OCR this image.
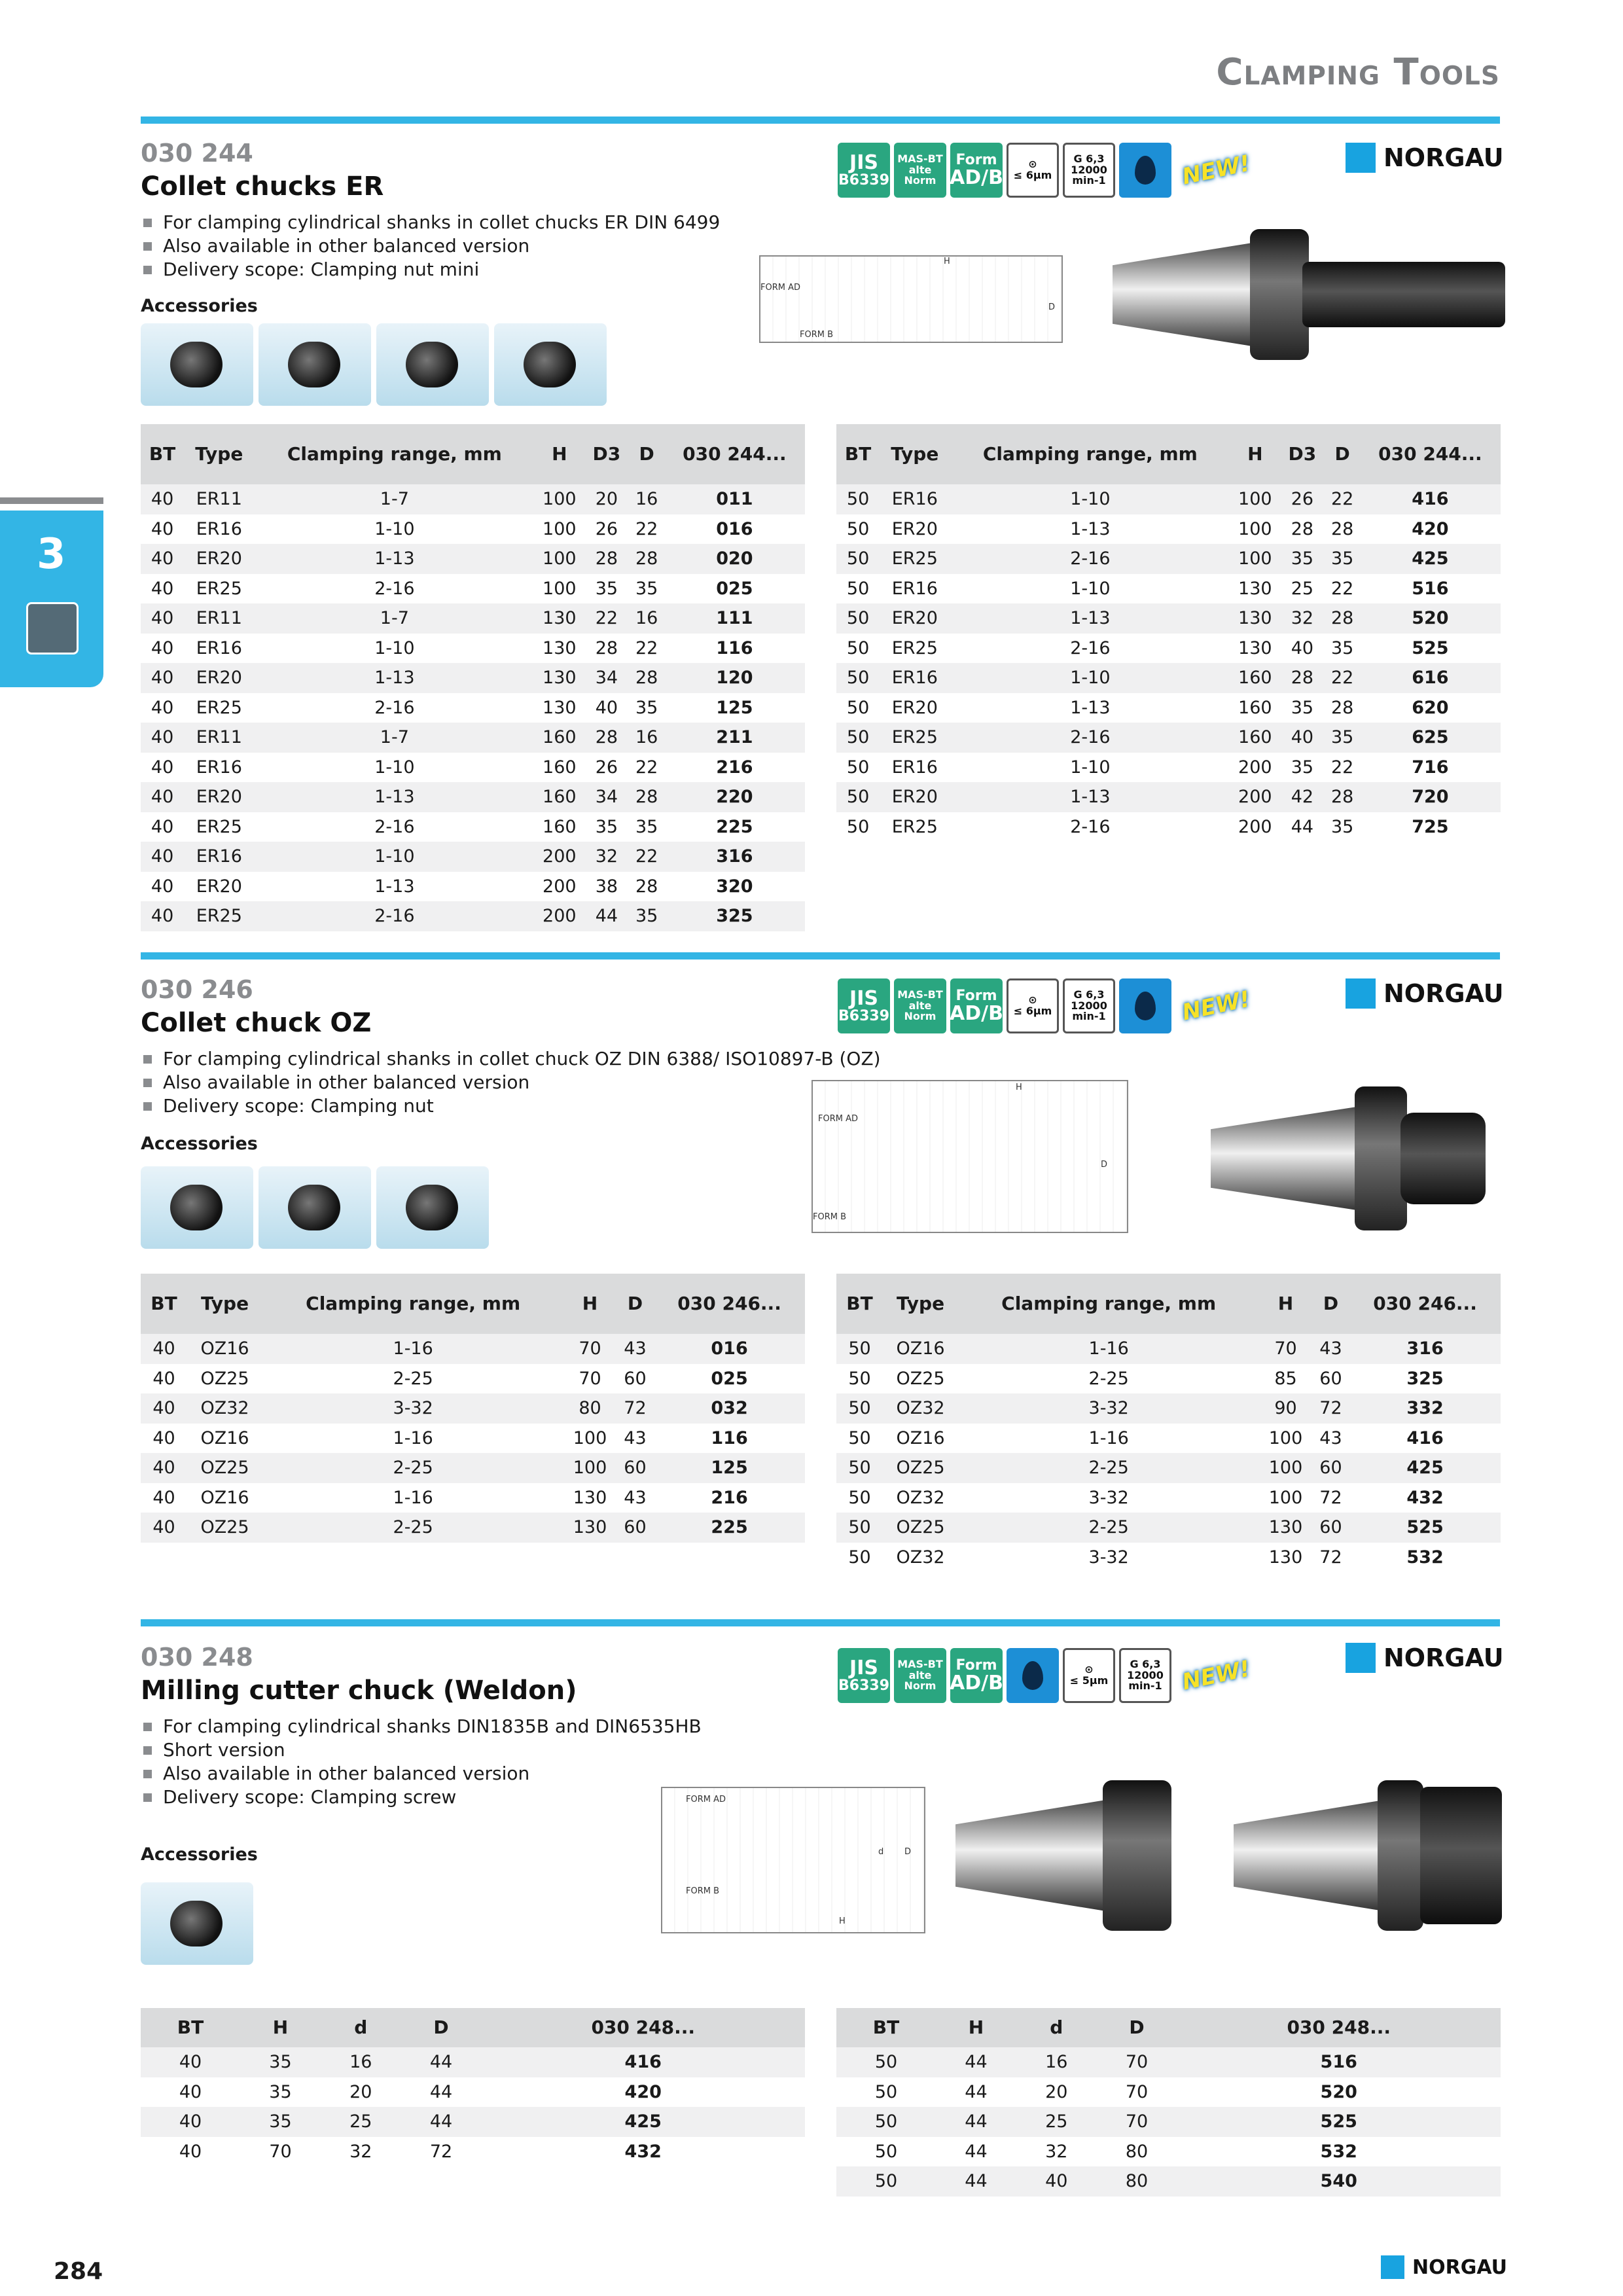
Clamping Tools
3
030 244
Collet chucks ER
For clamping cylindrical shanks in collet chucks ER DIN 6499
Also available in other balanced version
Delivery scope: Clamping nut mini
Accessories
JIS
B6339
MAS-BT
alte Norm
Form
AD/B
⊙
≤ 6µm
G 6,3
12000
min-1	NEW!	NORGAU
FORM AD
FORM B
H
D
BT	Type	Clamping range, mm	H	D3	D	030 244...
40	ER11	1-7	100	20	16	011
40	ER16	1-10	100	26	22	016
40	ER20	1-13	100	28	28	020
40	ER25	2-16	100	35	35	025
40	ER11	1-7	130	22	16	111
40	ER16	1-10	130	28	22	116
40	ER20	1-13	130	34	28	120
40	ER25	2-16	130	40	35	125
40	ER11	1-7	160	28	16	211
40	ER16	1-10	160	26	22	216
40	ER20	1-13	160	34	28	220
40	ER25	2-16	160	35	35	225
40	ER16	1-10	200	32	22	316
40	ER20	1-13	200	38	28	320
40	ER25	2-16	200	44	35	325
BT	Type	Clamping range, mm	H	D3	D	030 244...
50	ER16	1-10	100	26	22	416
50	ER20	1-13	100	28	28	420
50	ER25	2-16	100	35	35	425
50	ER16	1-10	130	25	22	516
50	ER20	1-13	130	32	28	520
50	ER25	2-16	130	40	35	525
50	ER16	1-10	160	28	22	616
50	ER20	1-13	160	35	28	620
50	ER25	2-16	160	40	35	625
50	ER16	1-10	200	35	22	716
50	ER20	1-13	200	42	28	720
50	ER25	2-16	200	44	35	725
030 246
Collet chuck OZ
For clamping cylindrical shanks in collet chuck OZ DIN 6388/ ISO10897-B (OZ)
Also available in other balanced version
Delivery scope: Clamping nut
Accessories
JIS
B6339
MAS-BT
alte Norm
Form
AD/B
⊙
≤ 6µm
G 6,3
12000
min-1	NEW!	NORGAU
FORM AD
FORM B
H
D
BT	Type	Clamping range, mm	H	D	030 246...
40	OZ16	1-16	70	43	016
40	OZ25	2-25	70	60	025
40	OZ32	3-32	80	72	032
40	OZ16	1-16	100	43	116
40	OZ25	2-25	100	60	125
40	OZ16	1-16	130	43	216
40	OZ25	2-25	130	60	225
BT	Type	Clamping range, mm	H	D	030 246...
50	OZ16	1-16	70	43	316
50	OZ25	2-25	85	60	325
50	OZ32	3-32	90	72	332
50	OZ16	1-16	100	43	416
50	OZ25	2-25	100	60	425
50	OZ32	3-32	100	72	432
50	OZ25	2-25	130	60	525
50	OZ32	3-32	130	72	532
030 248
Milling cutter chuck (Weldon)
For clamping cylindrical shanks DIN1835B and DIN6535HB
Short version
Also available in other balanced version
Delivery scope: Clamping screw
Accessories
JIS
B6339
MAS-BT
alte Norm
Form
AD/B
⊙
≤ 5µm
G 6,3
12000
min-1 NEW!	NORGAU
FORM AD
FORM B
H
d D
BT	H	d	D	030 248...
40	35	16	44	416
40	35	20	44	420
40	35	25	44	425
40	70	32	72	432
BT	H	d	D	030 248...
50	44	16	70	516
50	44	20	70	520
50	44	25	70	525
50	44	32	80	532
50	44	40	80	540
284	NORGAU
